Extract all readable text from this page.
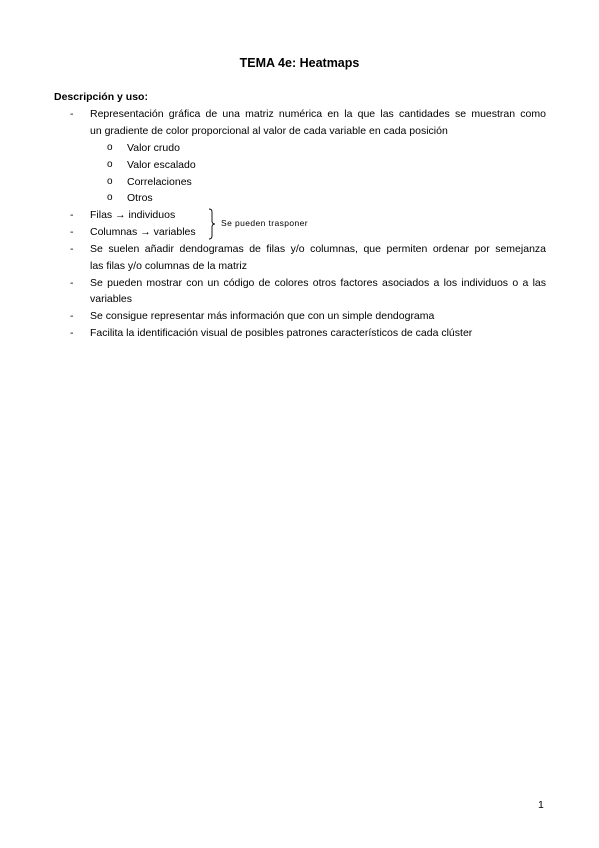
TEMA 4e: Heatmaps
Descripción y uso:
- Representación gráfica de una matriz numérica en la que las cantidades se muestran como
un gradiente de color proporcional al valor de cada variable en cada posición
o Valor crudo
o Valor escalado
o Correlaciones
o Otros
- Filas → individuos
- Columnas → variables
Se pueden trasponer
- Se suelen añadir dendogramas de filas y/o columnas, que permiten ordenar por semejanza
las filas y/o columnas de la matriz
- Se pueden mostrar con un código de colores otros factores asociados a los individuos o a las
variables
- Se consigue representar más información que con un simple dendograma
- Facilita la identificación visual de posibles patrones característicos de cada clúster
1
